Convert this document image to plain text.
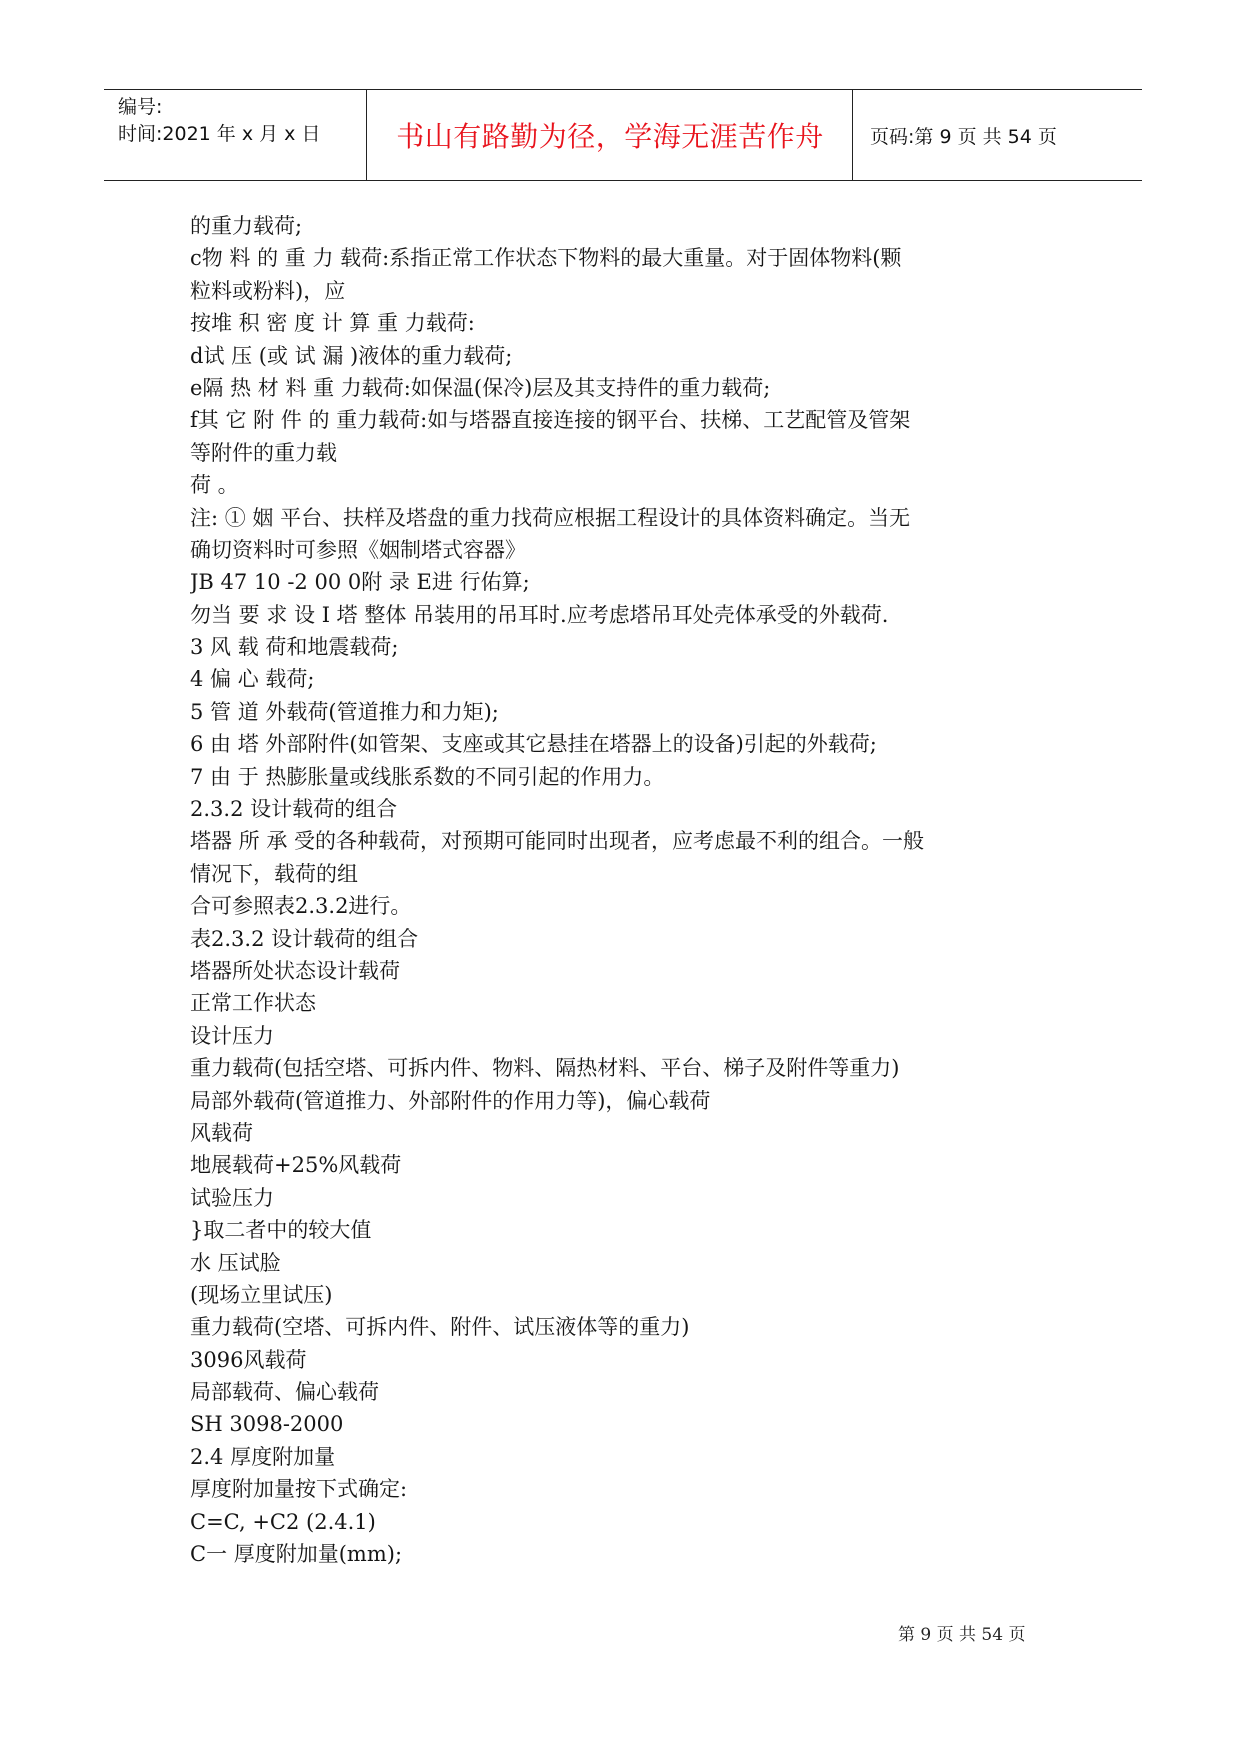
编号:
时间:2021 年 x 月 x 日	书山有路勤为径，学海无涯苦作舟	页码:第 9 页 共 54 页
的重力载荷;
c物 料 的 重 力 载荷:系指正常工作状态下物料的最大重量。对于固体物料(颗
粒料或粉料)，应
按堆 积 密 度 计 算 重 力载荷:
d试 压 (或 试 漏 )液体的重力载荷;
e隔 热 材 料 重 力载荷:如保温(保冷)层及其支持件的重力载荷;
f其 它 附 件 的 重力载荷:如与塔器直接连接的钢平台、扶梯、工艺配管及管架
等附件的重力载
荷 。
注: ① 姻 平台、扶样及塔盘的重力找荷应根据工程设计的具体资料确定。当无
确切资料时可参照《姻制塔式容器》
JB 47 10 -2 00 0附 录 E进 行佑算;
勿当 要 求 设 I 塔 整体 吊装用的吊耳时.应考虑塔吊耳处壳体承受的外载荷.
3 风 载 荷和地震载荷;
4 偏 心 载荷;
5 管 道 外载荷(管道推力和力矩);
6 由 塔 外部附件(如管架、支座或其它悬挂在塔器上的设备)引起的外载荷;
7 由 于 热膨胀量或线胀系数的不同引起的作用力。
2.3.2 设计载荷的组合
塔器 所 承 受的各种载荷，对预期可能同时出现者，应考虑最不利的组合。一般
情况下，载荷的组
合可参照表2.3.2进行。
表2.3.2 设计载荷的组合
塔器所处状态设计载荷
正常工作状态
设计压力
重力载荷(包括空塔、可拆内件、物料、隔热材料、平台、梯子及附件等重力)
局部外载荷(管道推力、外部附件的作用力等)，偏心载荷
风载荷
地展载荷+25%风载荷
试验压力
}取二者中的较大值
水 压试脸
(现场立里试压)
重力载荷(空塔、可拆内件、附件、试压液体等的重力)
3096风载荷
局部载荷、偏心载荷
SH 3098-2000
2.4 厚度附加量
厚度附加量按下式确定:
C=C, +C2 (2.4.1)
C一 厚度附加量(mm);
第 9 页 共 54 页
